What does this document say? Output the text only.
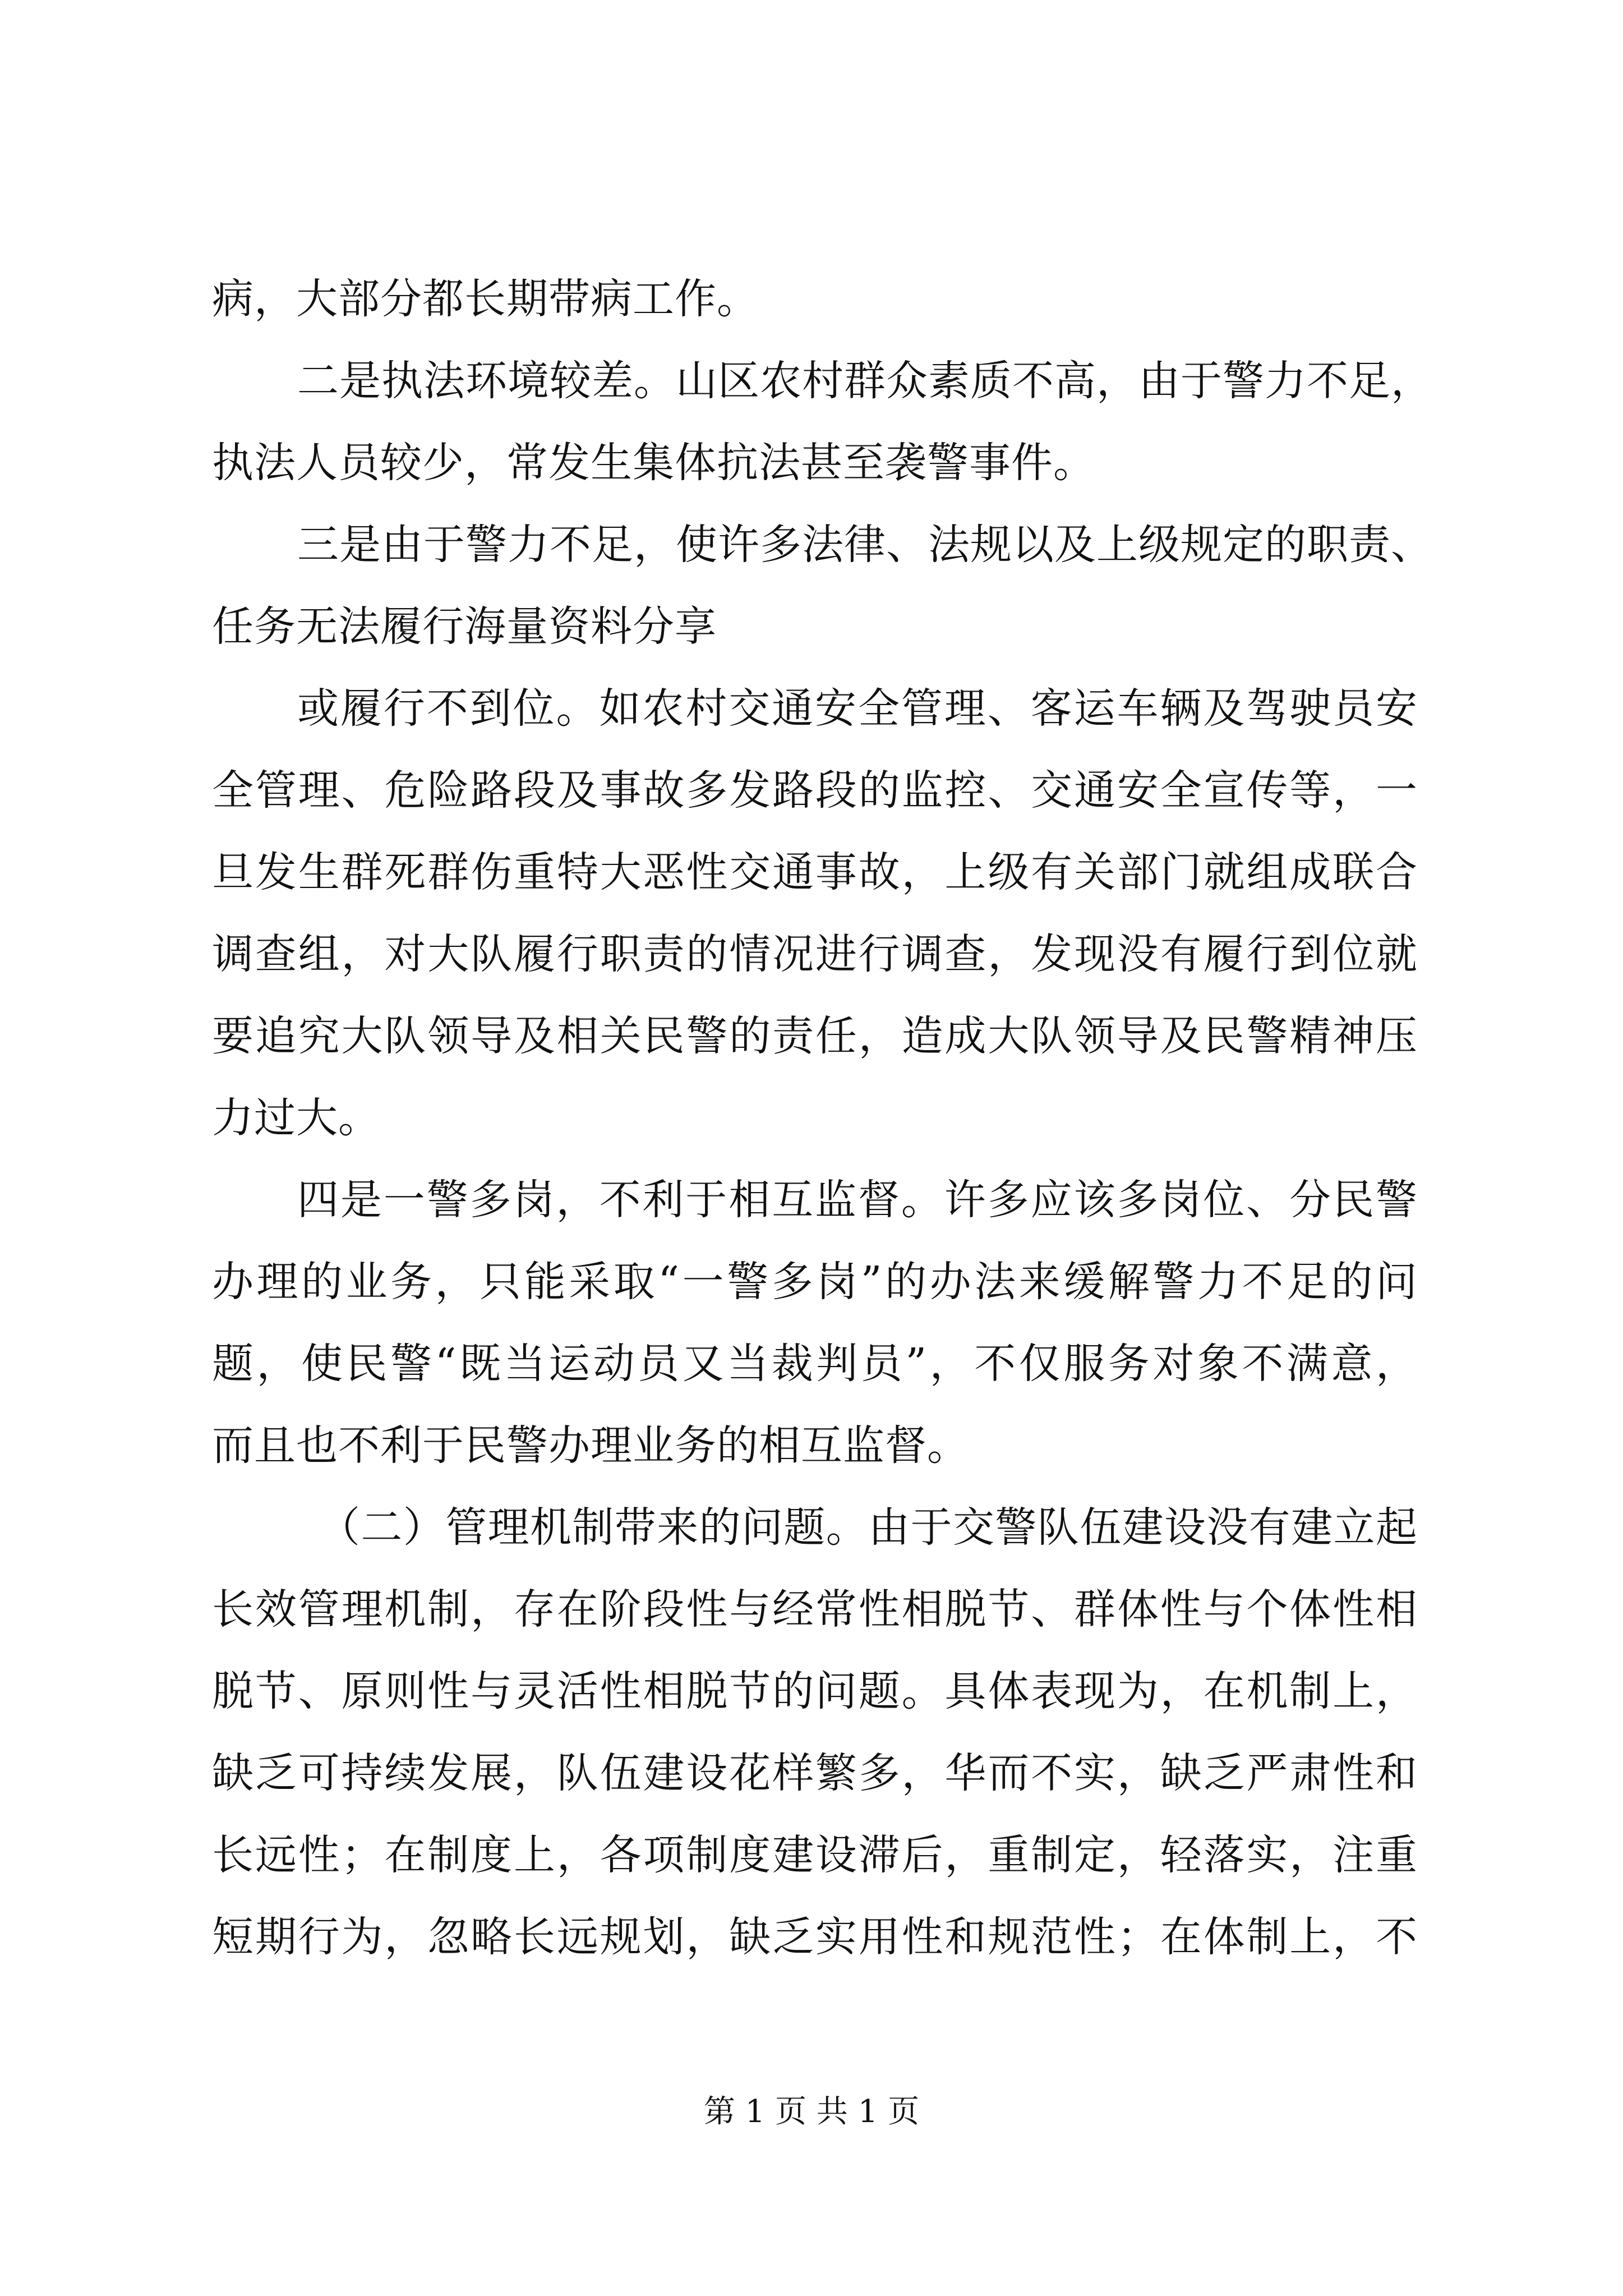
病，大部分都长期带病工作。
二是执法环境较差。山区农村群众素质不高，由于警力不足，
执法人员较少，常发生集体抗法甚至袭警事件。
三是由于警力不足，使许多法律、法规以及上级规定的职责、
任务无法履行海量资料分享
或履行不到位。如农村交通安全管理、客运车辆及驾驶员安
全管理、危险路段及事故多发路段的监控、交通安全宣传等，一
旦发生群死群伤重特大恶性交通事故，上级有关部门就组成联合
调查组，对大队履行职责的情况进行调查，发现没有履行到位就
要追究大队领导及相关民警的责任，造成大队领导及民警精神压
力过大。
四是一警多岗，不利于相互监督。许多应该多岗位、分民警
办理的业务，只能采取“一警多岗”的办法来缓解警力不足的问
题，使民警“既当运动员又当裁判员”，不仅服务对象不满意，
而且也不利于民警办理业务的相互监督。
（二）管理机制带来的问题。由于交警队伍建设没有建立起
长效管理机制，存在阶段性与经常性相脱节、群体性与个体性相
脱节、原则性与灵活性相脱节的问题。具体表现为，在机制上，
缺乏可持续发展，队伍建设花样繁多，华而不实，缺乏严肃性和
长远性；在制度上，各项制度建设滞后，重制定，轻落实，注重
短期行为，忽略长远规划，缺乏实用性和规范性；在体制上，不
第 1 页 共 1 页
